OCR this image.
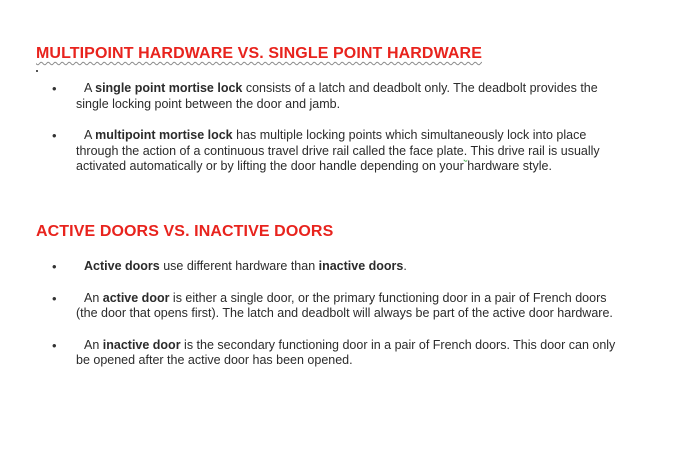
MULTIPOINT HARDWARE VS. SINGLE POINT HARDWARE
•	A single point mortise lock consists of a latch and deadbolt only. The deadbolt provides the single locking point between the door and jamb.
•	A multipoint mortise lock has multiple locking points which simultaneously lock into place through the action of a continuous travel drive rail called the face plate. This drive rail is usually activated automatically or by lifting the door handle depending on your hardware style.
ACTIVE DOORS VS. INACTIVE DOORS
•	Active doors use different hardware than inactive doors.
•	An active door is either a single door, or the primary functioning door in a pair of French doors (the door that opens first). The latch and deadbolt will always be part of the active door hardware.
•	An inactive door is the secondary functioning door in a pair of French doors. This door can only be opened after the active door has been opened.
